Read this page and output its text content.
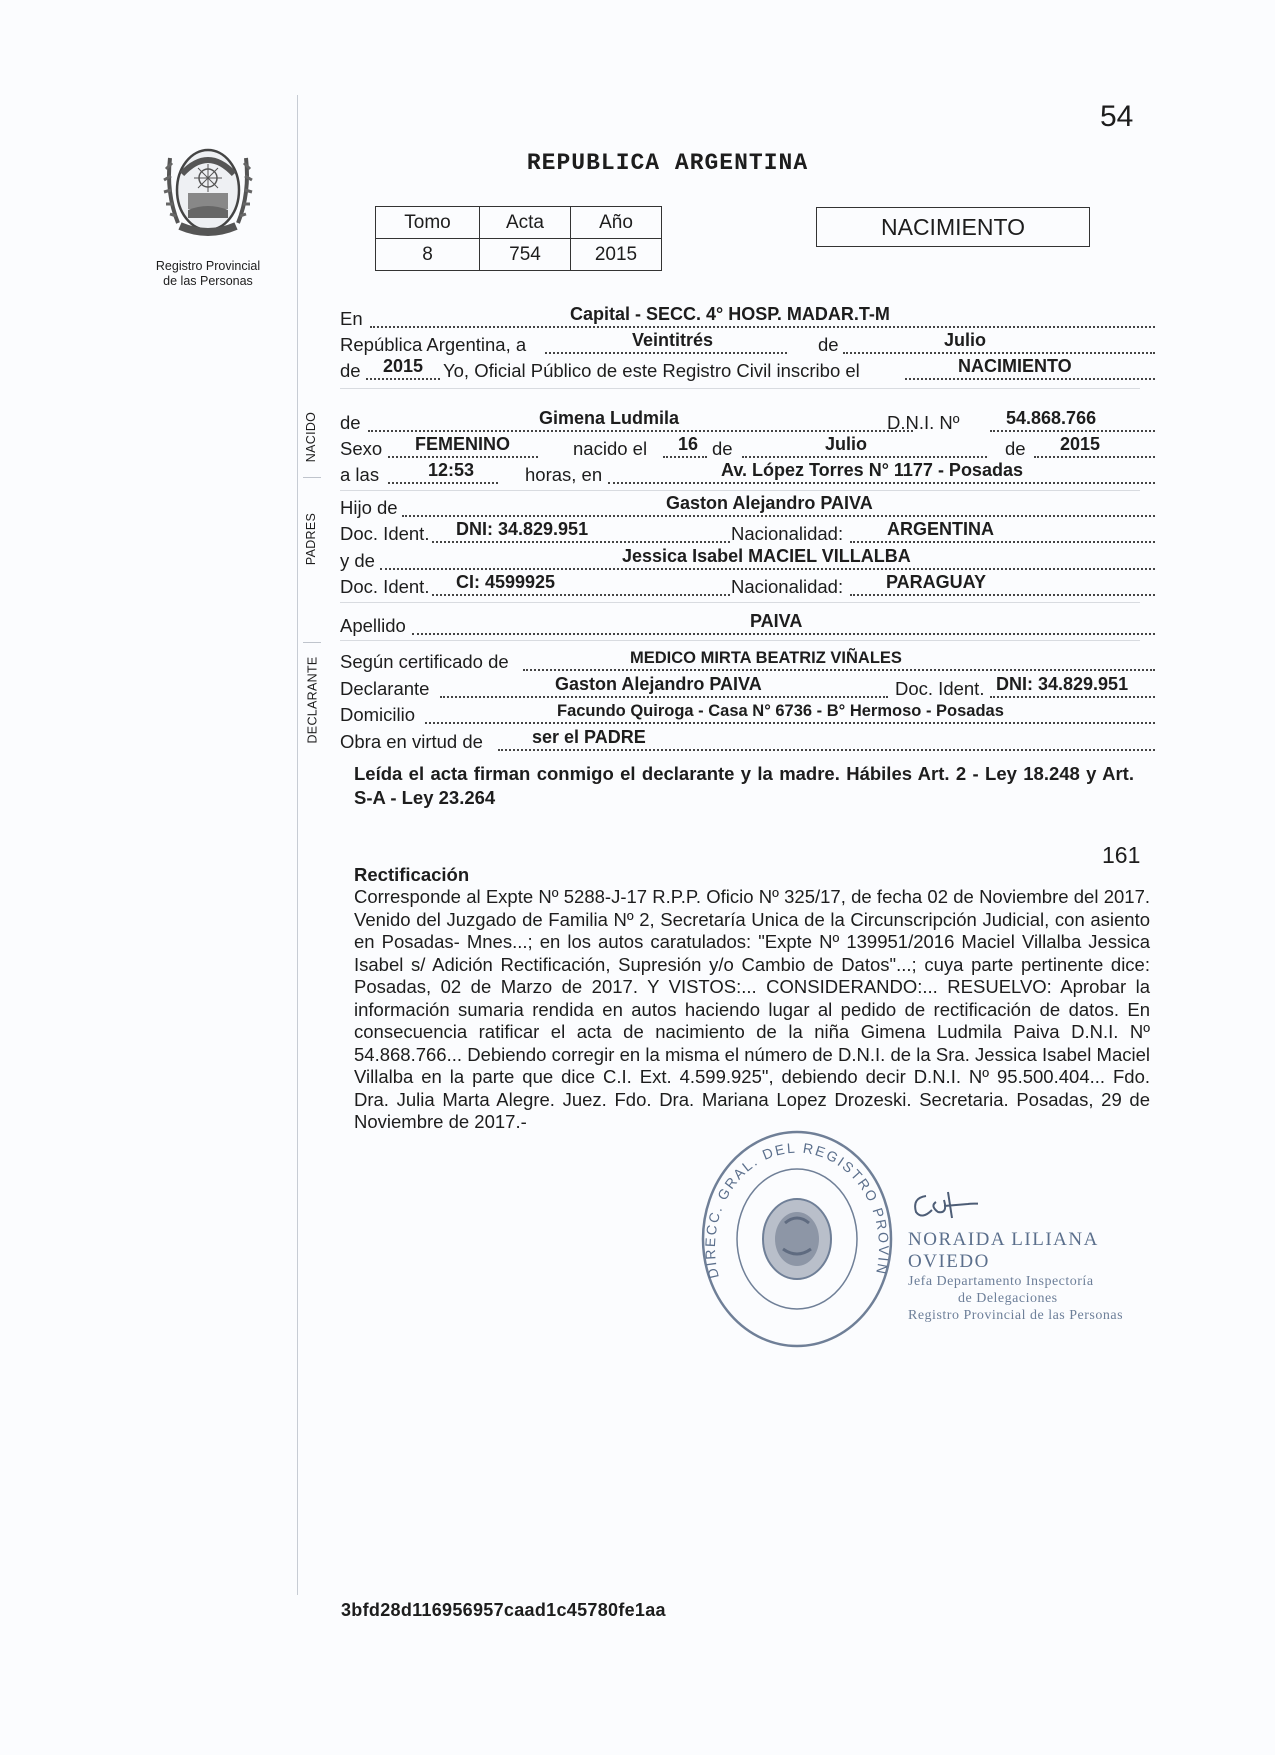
54
Registro Provincial
de las Personas
REPUBLICA ARGENTINA
Tomo	Acta	Año
8	754	2015
NACIMIENTO
NACIDO
PADRES
DECLARANTE
En	Capital - SECC. 4° HOSP. MADAR.T-M
República Argentina, a	Veintitrés	de	Julio
de 2015 Yo, Oficial Público de este Registro Civil inscribo el	NACIMIENTO
de	Gimena Ludmila	D.N.I. Nº	54.868.766
Sexo FEMENINO	nacido el 16 de	Julio	de 2015
a las	12:53	horas, en	Av. López Torres N° 1177 - Posadas
Hijo de	Gaston Alejandro PAIVA
Doc. Ident. DNI: 34.829.951	Nacionalidad: ARGENTINA
y de	Jessica Isabel MACIEL VILLALBA
Doc. Ident. CI: 4599925	Nacionalidad: PARAGUAY
Apellido	PAIVA
Según certificado de	MEDICO MIRTA BEATRIZ VIÑALES
Declarante	Gaston Alejandro PAIVA	Doc. Ident. DNI: 34.829.951
Domicilio	Facundo Quiroga - Casa N° 6736 - B° Hermoso - Posadas
Obra en virtud de	ser el PADRE
Leída el acta firman conmigo el declarante y la madre. Hábiles Art. 2 - Ley 18.248 y Art. S-A - Ley 23.264
161
Rectificación
Corresponde al Expte Nº 5288-J-17 R.P.P. Oficio Nº 325/17, de fecha 02 de Noviembre del 2017. Venido del Juzgado de Familia Nº 2, Secretaría Unica de la Circunscripción Judicial, con asiento en Posadas- Mnes...; en los autos caratulados: "Expte Nº 139951/2016 Maciel Villalba Jessica Isabel s/ Adición Rectificación, Supresión y/o Cambio de Datos"...; cuya parte pertinente dice: Posadas, 02 de Marzo de 2017. Y VISTOS:... CONSIDERANDO:... RESUELVO: Aprobar la información sumaria rendida en autos haciendo lugar al pedido de rectificación de datos. En consecuencia ratificar el acta de nacimiento de la niña Gimena Ludmila Paiva D.N.I. Nº 54.868.766... Debiendo corregir en la misma el número de D.N.I. de la Sra. Jessica Isabel Maciel Villalba en la parte que dice C.I. Ext. 4.599.925", debiendo decir D.N.I. Nº 95.500.404... Fdo. Dra. Julia Marta Alegre. Juez. Fdo. Dra. Mariana Lopez Drozeski. Secretaria. Posadas, 29 de Noviembre de 2017.-
DIRECC. GRAL. DEL REGISTRO PROVIN
NORAIDA LILIANA OVIEDO
Jefa Departamento Inspectoría
de Delegaciones
Registro Provincial de las Personas
3bfd28d116956957caad1c45780fe1aa
